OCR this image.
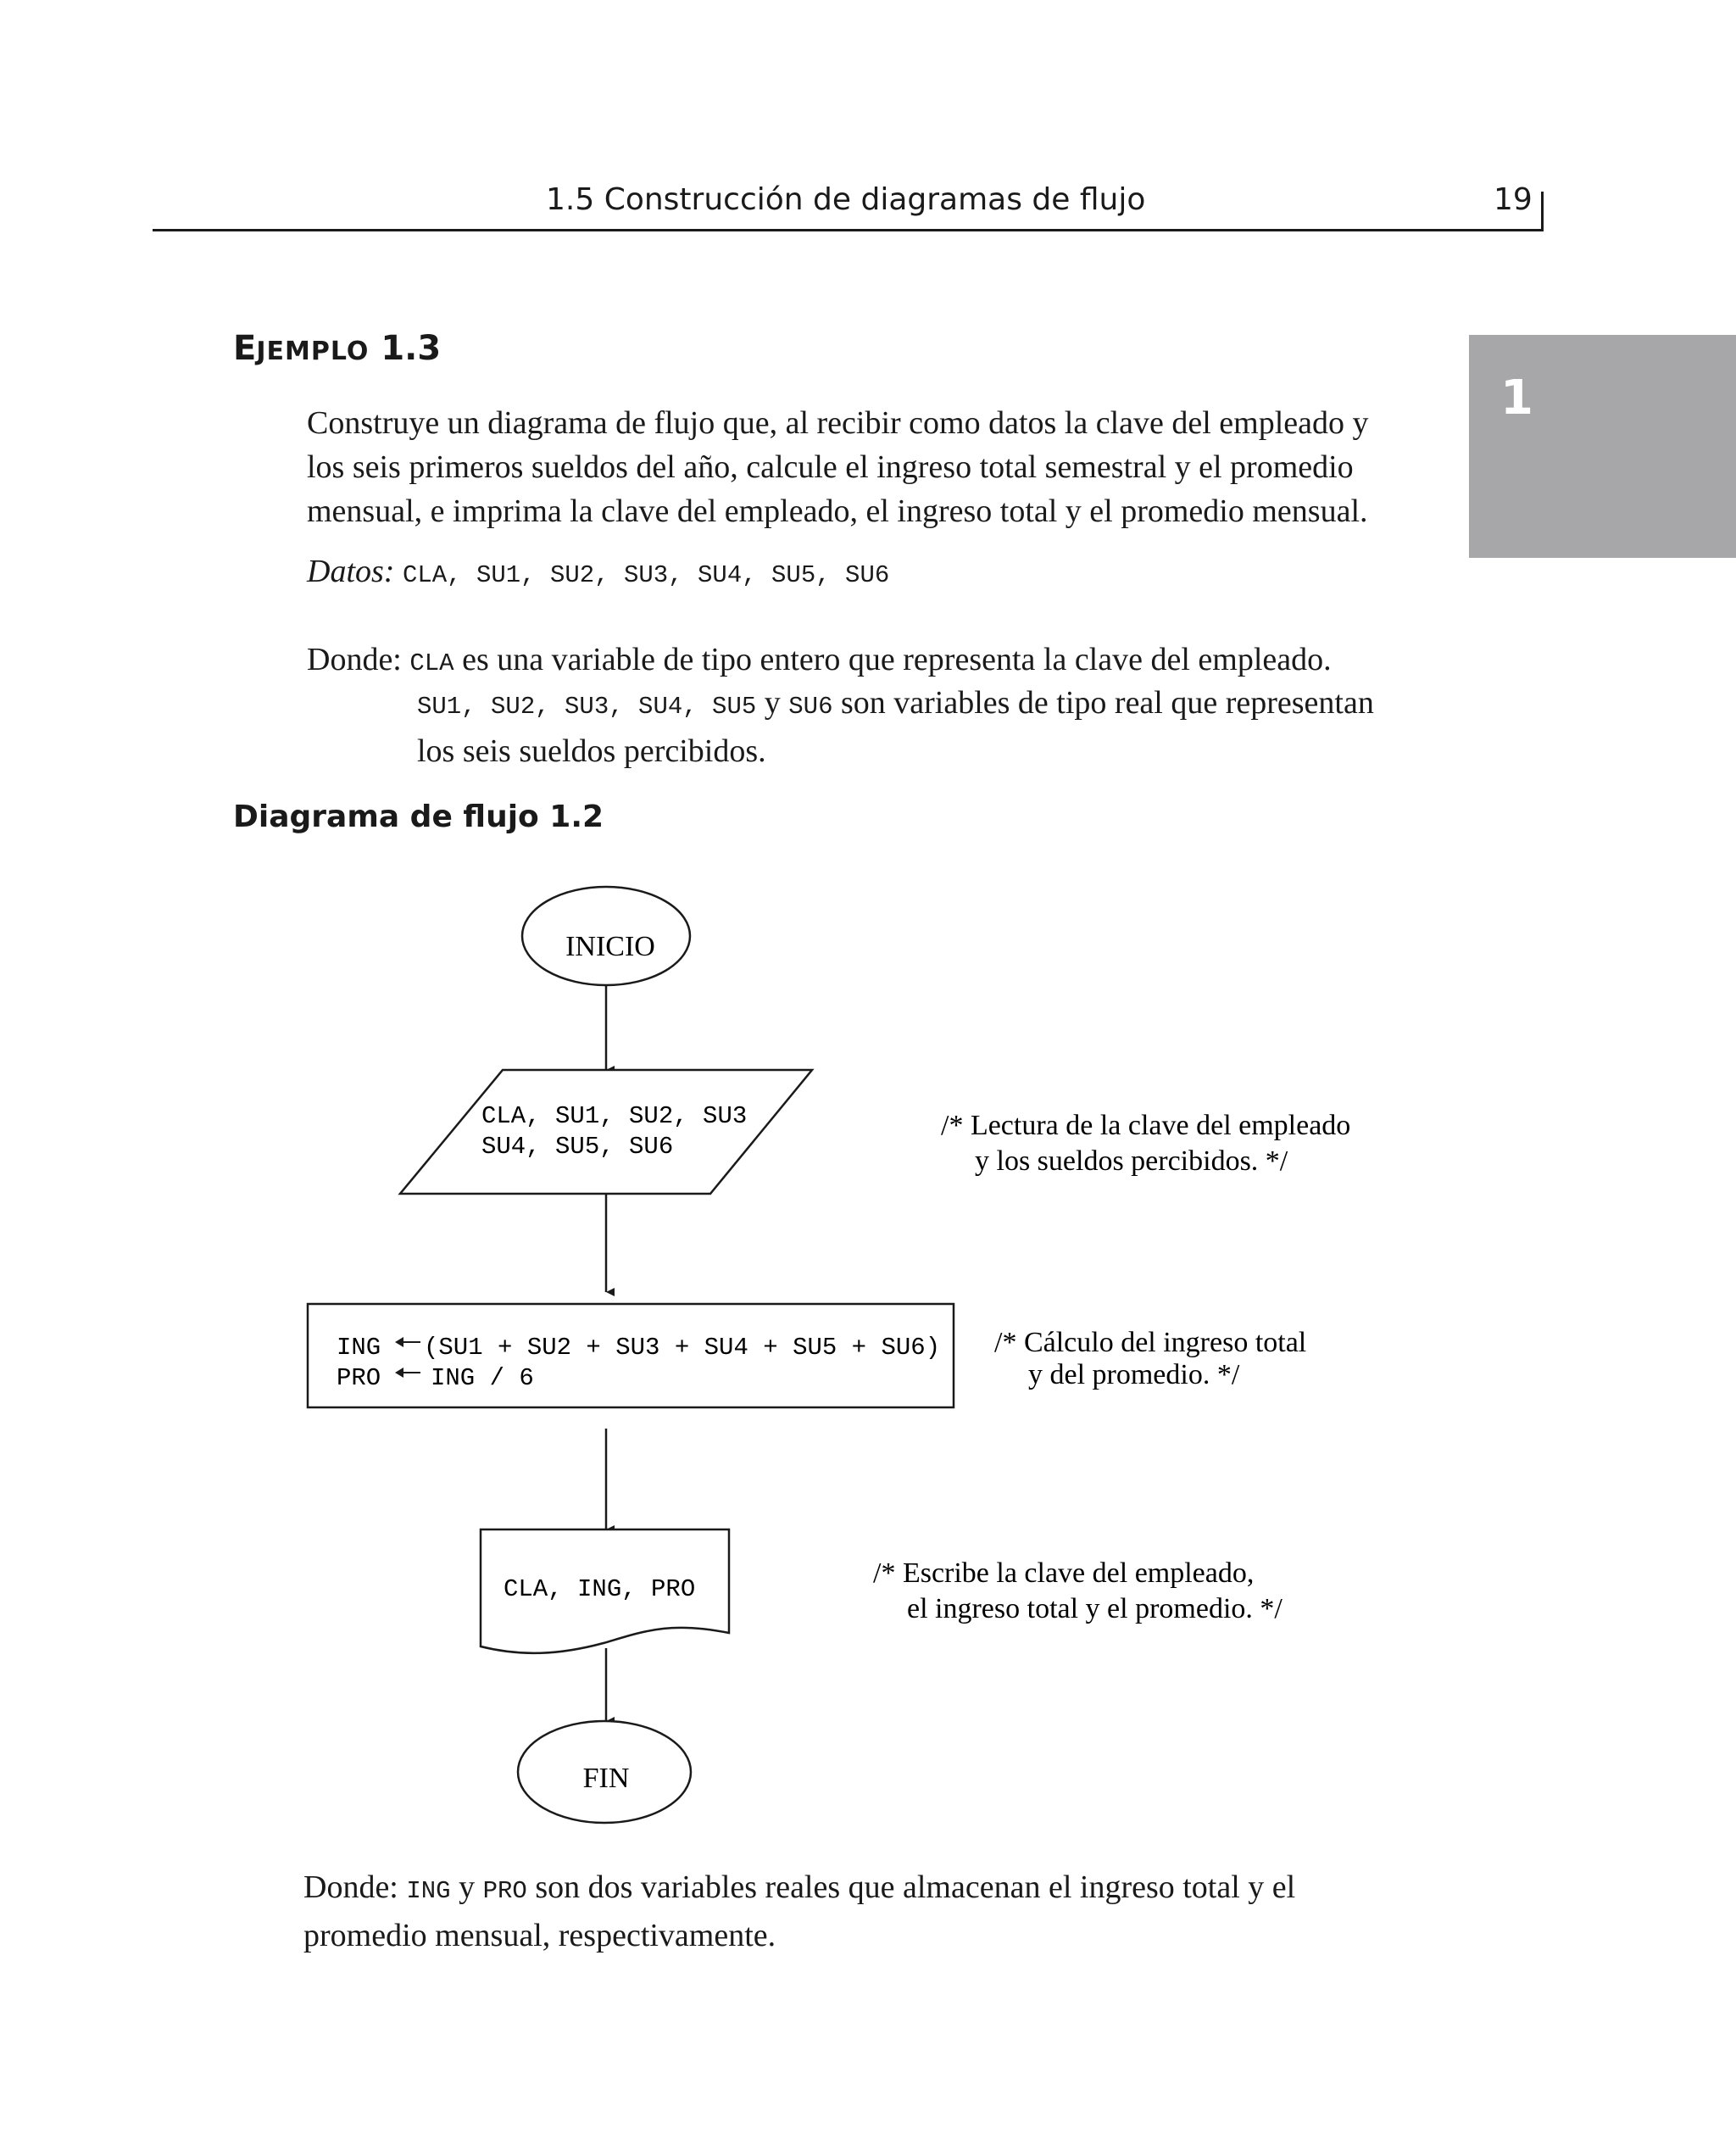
1.5 Construcción de diagramas de flujo	19
1
EJEMPLO 1.3
Construye un diagrama de flujo que, al recibir como datos la clave del empleado y
los seis primeros sueldos del año, calcule el ingreso total semestral y el promedio
mensual, e imprima la clave del empleado, el ingreso total y el promedio mensual.
Datos: CLA, SU1, SU2, SU3, SU4, SU5, SU6
Donde: CLA es una variable de tipo entero que representa la clave del empleado.
SU1, SU2, SU3, SU4, SU5 y SU6 son variables de tipo real que representan
los seis sueldos percibidos.
Diagrama de flujo 1.2
INICIO
CLA, SU1, SU2, SU3
SU4, SU5, SU6
/* Lectura de la clave del empleado
y los sueldos percibidos. */
ING (SU1 + SU2 + SU3 + SU4 + SU5 + SU6)
PRO ING / 6
/* Cálculo del ingreso total
y del promedio. */
CLA, ING, PRO
/* Escribe la clave del empleado,
el ingreso total y el promedio. */
FIN
Donde: ING y PRO son dos variables reales que almacenan el ingreso total y el
promedio mensual, respectivamente.
